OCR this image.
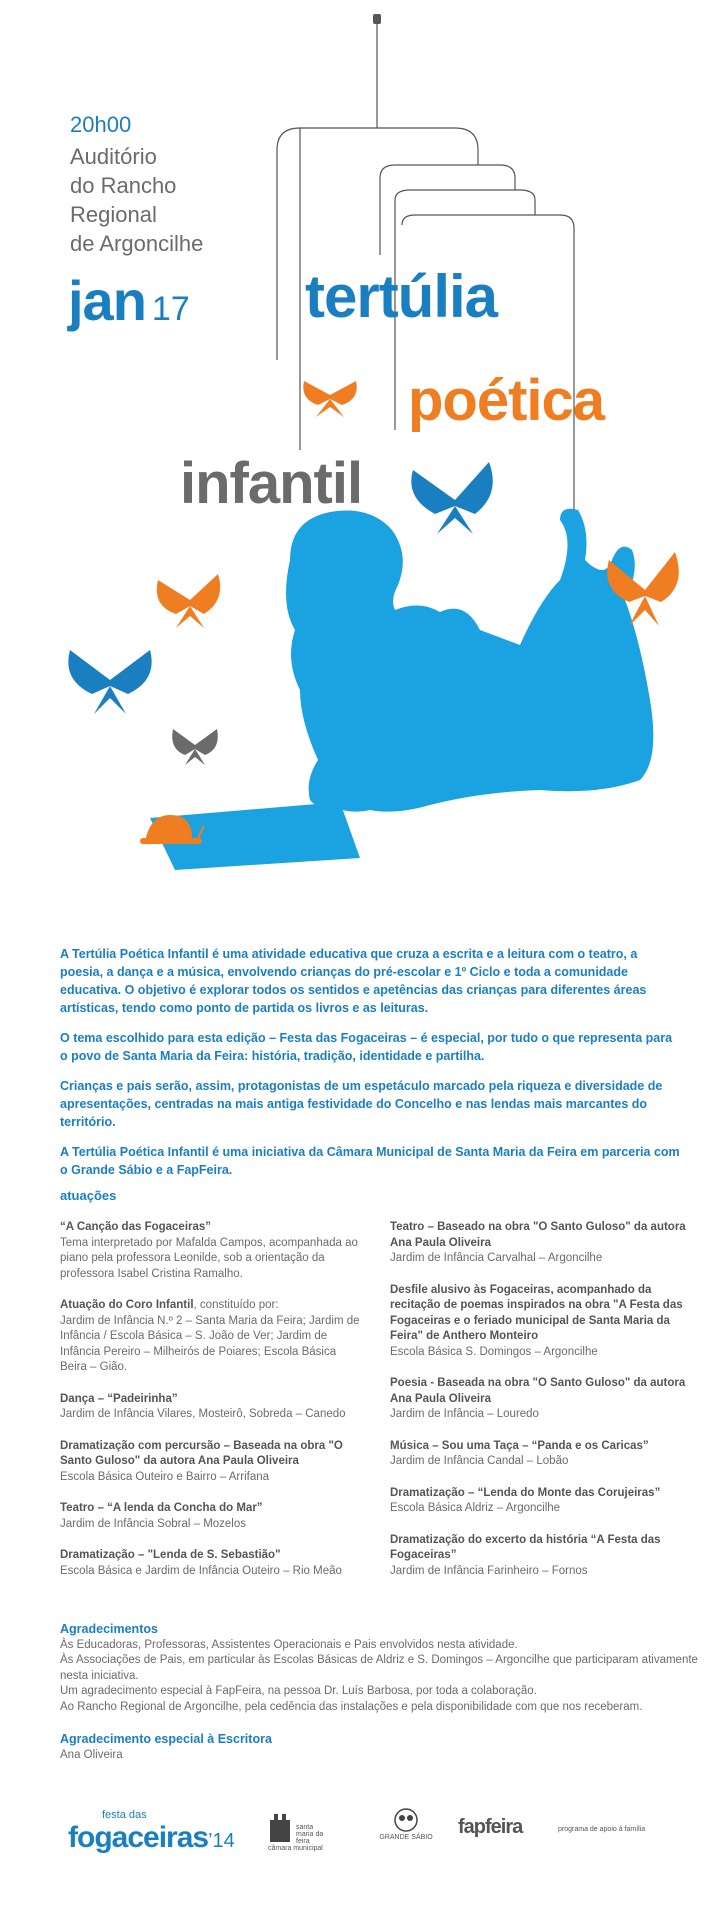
20h00
Auditório
do Rancho
Regional
de Argoncilhe
jan 17 tertúlia
poética
infantil

A Tertúlia Poética Infantil é uma atividade educativa que cruza a escrita e a leitura com o teatro, a poesia, a dança e a música, envolvendo crianças do pré-escolar e 1º Ciclo e toda a comunidade educativa. O objetivo é explorar todos os sentidos e apetências das crianças para diferentes áreas artísticas, tendo como ponto de partida os livros e as leituras.

O tema escolhido para esta edição – Festa das Fogaceiras – é especial, por tudo o que representa para o povo de Santa Maria da Feira: história, tradição, identidade e partilha.

Crianças e pais serão, assim, protagonistas de um espetáculo marcado pela riqueza e diversidade de apresentações, centradas na mais antiga festividade do Concelho e nas lendas mais marcantes do território.

A Tertúlia Poética Infantil é uma iniciativa da Câmara Municipal de Santa Maria da Feira em parceria com o Grande Sábio e a FapFeira.

atuações
“A Canção das Fogaceiras”
Tema interpretado por Mafalda Campos, acompanhada ao piano pela professora Leonilde, sob a orientação da professora Isabel Cristina Ramalho.
Atuação do Coro Infantil, constituído por:
Jardim de Infância N.º 2 – Santa Maria da Feira; Jardim de Infância / Escola Básica – S. João de Ver; Jardim de Infância Pereiro – Milheirós de Poiares; Escola Básica Beira – Gião.
Dança – “Padeirinha”
Jardim de Infância Vilares, Mosteirô, Sobreda – Canedo
Dramatização com percursão – Baseada na obra "O Santo Guloso" da autora Ana Paula Oliveira
Escola Básica Outeiro e Bairro – Arrifana
Teatro – “A lenda da Concha do Mar”
Jardim de Infância Sobral – Mozelos
Dramatização – "Lenda de S. Sebastião"
Escola Básica e Jardim de Infância Outeiro – Rio Meão
Teatro – Baseado na obra "O Santo Guloso" da autora Ana Paula Oliveira
Jardim de Infância Carvalhal – Argoncilhe
Desfile alusivo às Fogaceiras, acompanhado da recitação de poemas inspirados na obra "A Festa das Fogaceiras e o feriado municipal de Santa Maria da Feira" de Anthero Monteiro
Escola Básica S. Domingos – Argoncilhe
Poesia - Baseada na obra "O Santo Guloso" da autora Ana Paula Oliveira
Jardim de Infância – Louredo
Música – Sou uma Taça – “Panda e os Caricas”
Jardim de Infância Candal – Lobão
Dramatização – “Lenda do Monte das Corujeiras”
Escola Básica Aldriz – Argoncilhe
Dramatização do excerto da história “A Festa das Fogaceiras”
Jardim de Infância Farinheiro – Fornos
Agradecimentos
Às Educadoras, Professoras, Assistentes Operacionais e Pais envolvidos nesta atividade.
Às Associações de Pais, em particular às Escolas Básicas de Aldriz e S. Domingos – Argoncilhe que participaram ativamente nesta iniciativa.
Um agradecimento especial à FapFeira, na pessoa Dr. Luís Barbosa, por toda a colaboração.
Ao Rancho Regional de Argoncilhe, pela cedência das instalações e pela disponibilidade com que nos receberam.
Agradecimento especial à Escritora
Ana Oliveira
festa das
fogaceiras’14
santa maria da feira
câmara municipal
GRANDE SÁBIO fapfeira	programa de apoio à família
